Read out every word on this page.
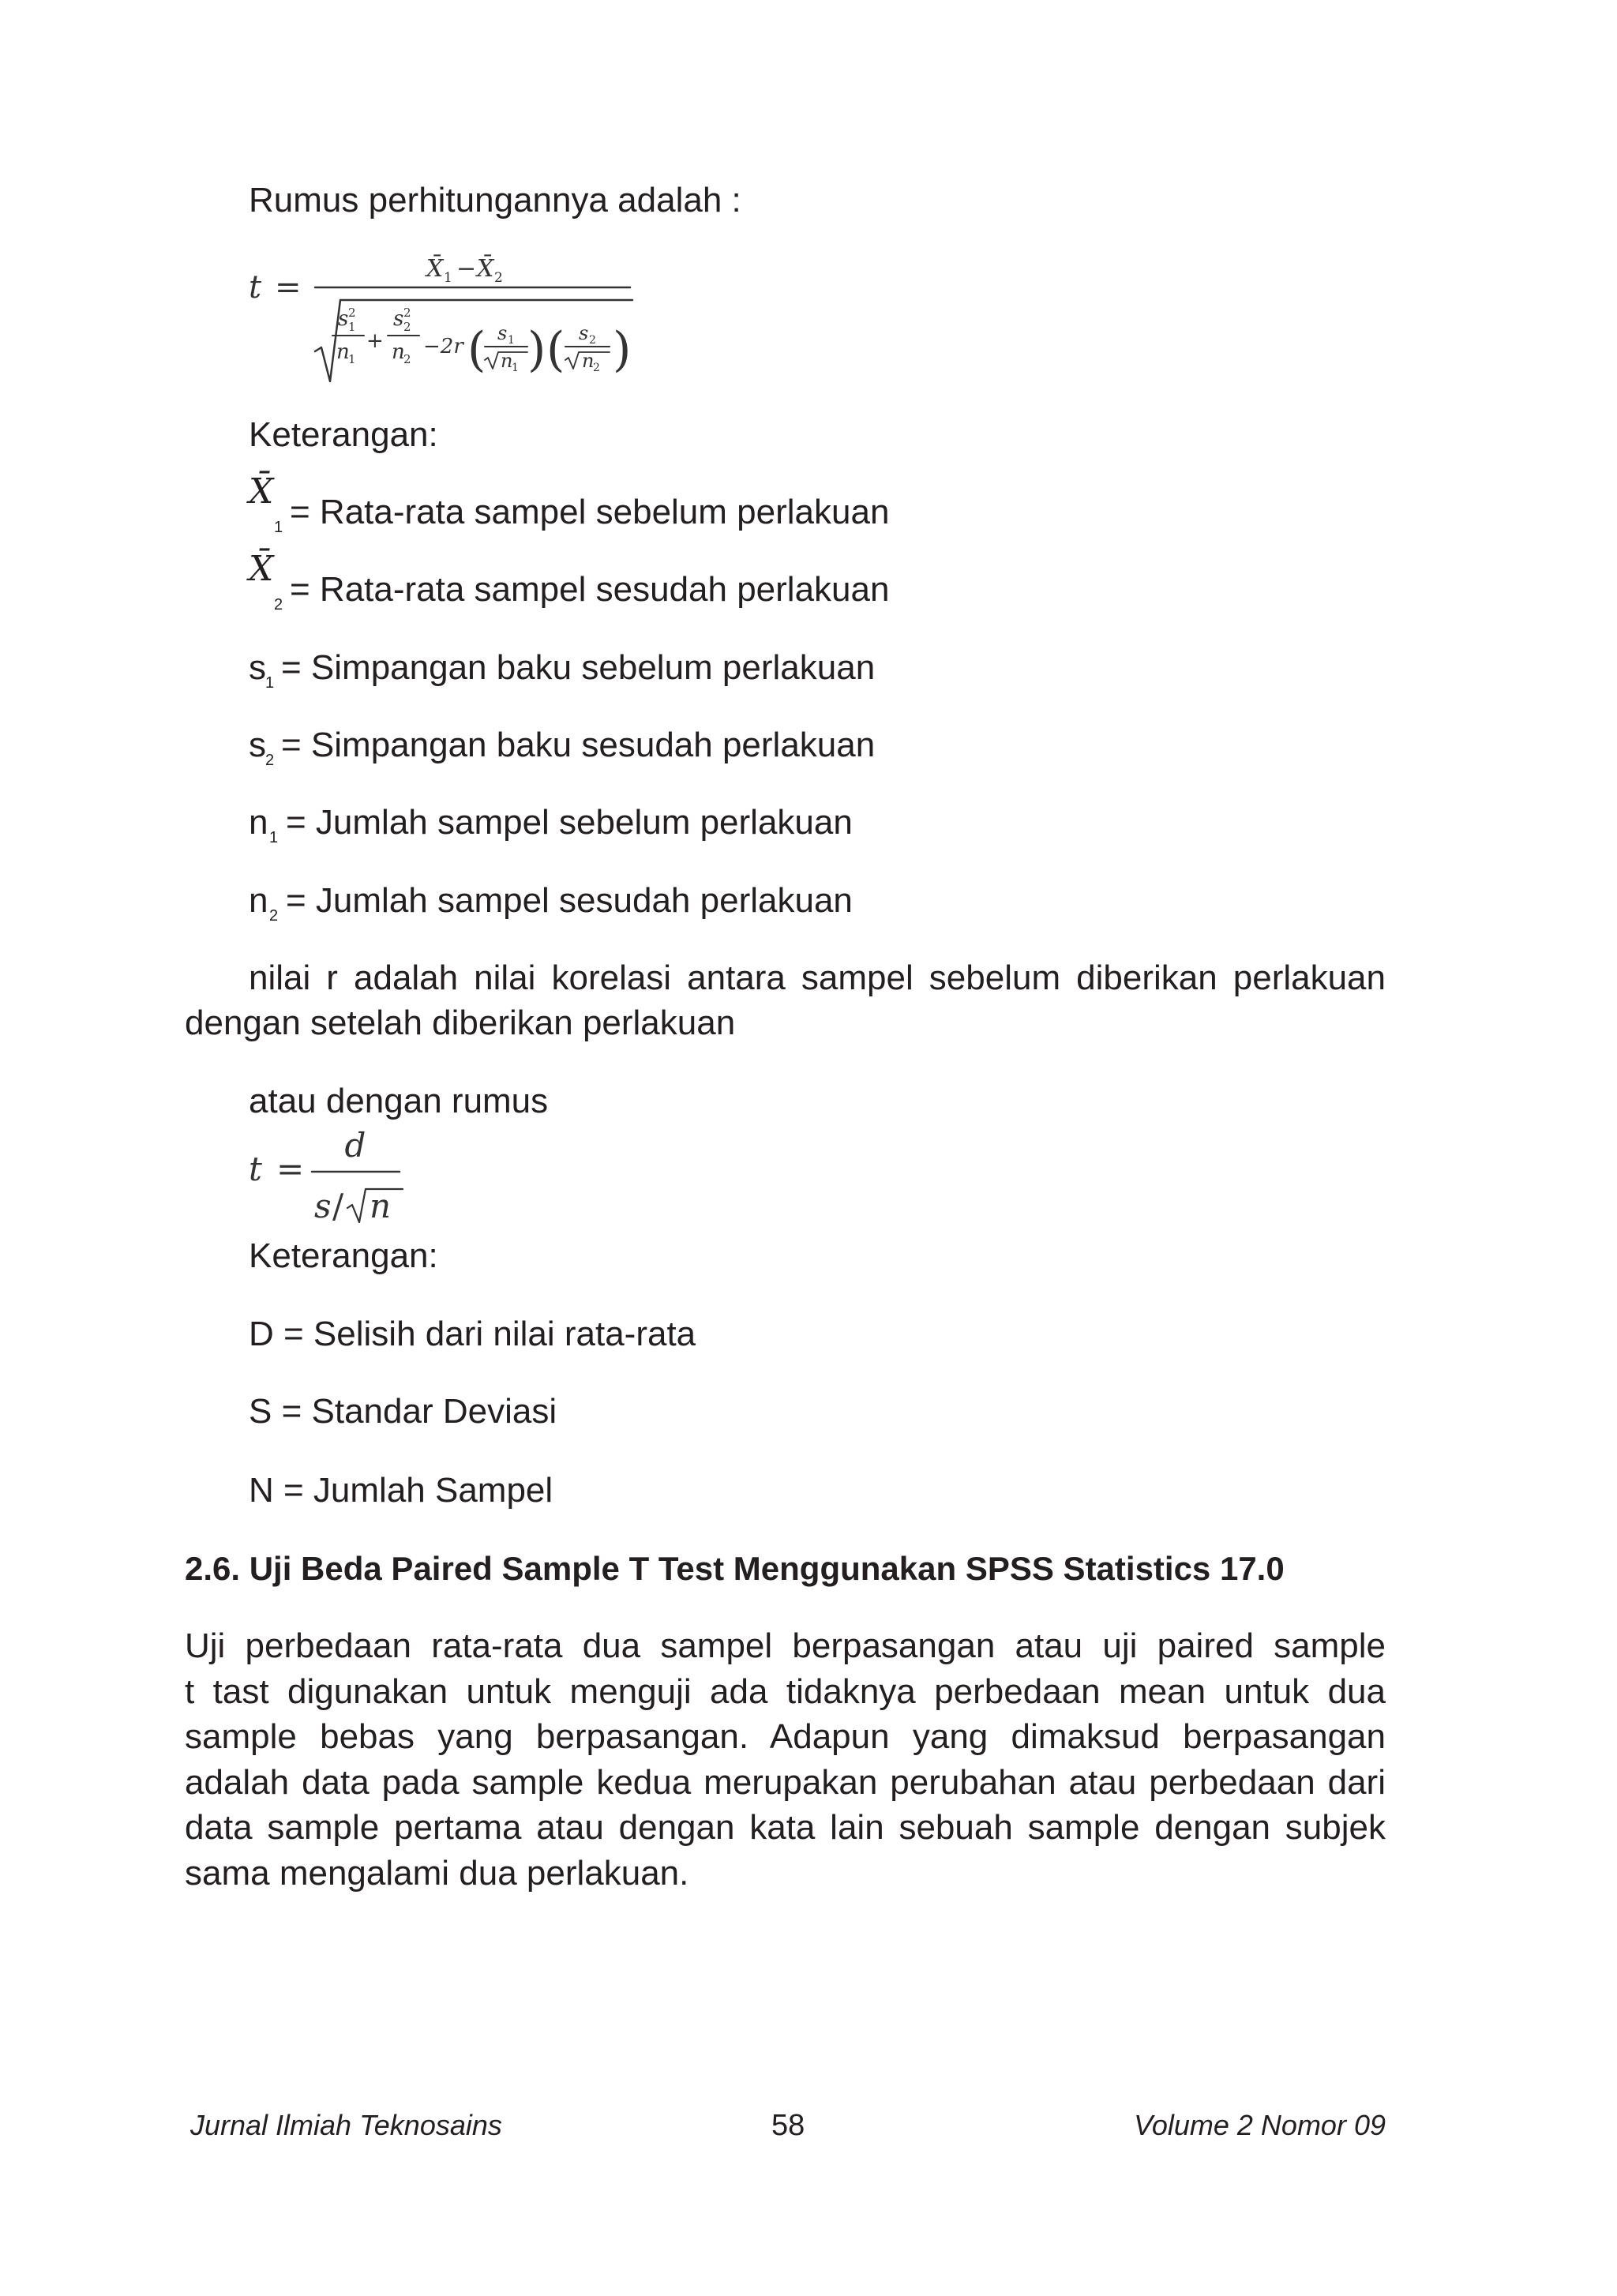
Rumus perhitungannya adalah :
t =
X̄ 1 − X̄ 2
s 2
1
n
1
+
s 2
2
n
2
−2r ( s 1
n
1 ) ( s 2
n
2 )
Keterangan:
X̄
1 = Rata-rata sampel sebelum perlakuan
X̄
2 = Rata-rata sampel sesudah perlakuan
s 1 = Simpangan baku sebelum perlakuan
s 2 = Simpangan baku sesudah perlakuan
n 1 = Jumlah sampel sebelum perlakuan
n 2 = Jumlah sampel sesudah perlakuan
nilai r adalah nilai korelasi antara sampel sebelum diberikan perlakuan
dengan setelah diberikan perlakuan
atau dengan rumus
t =
d
s / n
Keterangan:
D = Selisih dari nilai rata-rata
S = Standar Deviasi
N = Jumlah Sampel
2.6. Uji Beda Paired Sample T Test Menggunakan SPSS Statistics 17.0
Uji perbedaan rata-rata dua sampel berpasangan atau uji paired sample
t tast digunakan untuk menguji ada tidaknya perbedaan mean untuk dua
sample bebas yang berpasangan. Adapun yang dimaksud berpasangan
adalah data pada sample kedua merupakan perubahan atau perbedaan dari
data sample pertama atau dengan kata lain sebuah sample dengan subjek
sama mengalami dua perlakuan.
Jurnal Ilmiah Teknosains	58	Volume 2 Nomor 09
